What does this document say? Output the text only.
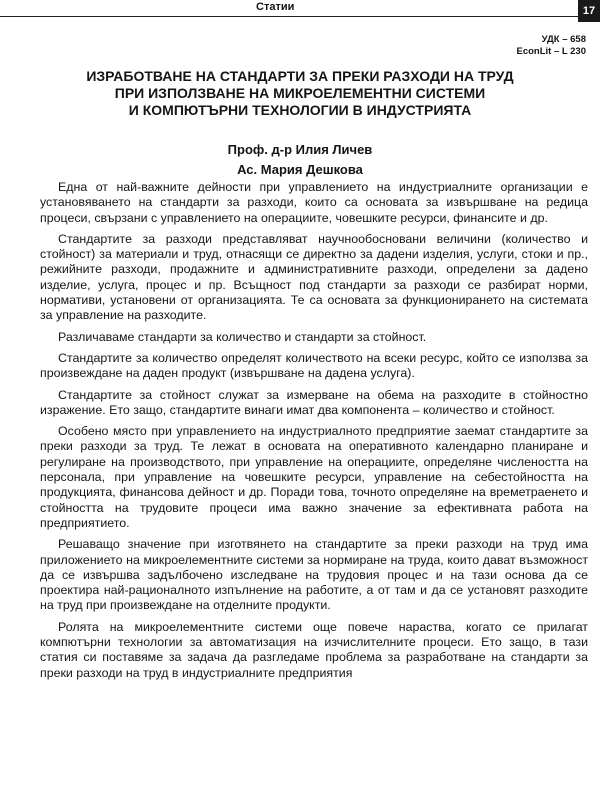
Статии	17
УДК – 658
EconLit – L 230
ИЗРАБОТВАНЕ НА СТАНДАРТИ ЗА ПРЕКИ РАЗХОДИ НА ТРУД
ПРИ ИЗПОЛЗВАНЕ НА МИКРОЕЛЕМЕНТНИ СИСТЕМИ
И КОМПЮТЪРНИ ТЕХНОЛОГИИ В ИНДУСТРИЯТА
Проф. д-р Илия Личев
Ас. Мария Дешкова

Една от най-важните дейности при управлението на индустриалните организации е установяването на стандарти за разходи, които са основата за извършване на редица процеси, свързани с управлението на операциите, човешките ресурси, финансите и др.

Стандартите за разходи представляват научнообосновани величини (количество и стойност) за материали и труд, отнасящи се директно за дадени изделия, услуги, стоки и пр., режийните разходи, продажните и административните разходи, определени за дадено изделие, услуга, процес и пр. Всъщност под стандарти за разходи се разбират норми, нормативи, установени от организацията. Те са основата за функционирането на системата за управление на разходите.

Различаваме стандарти за количество и стандарти за стойност.

Стандартите за количество определят количеството на всеки ресурс, който се използва за произвеждане на даден продукт (извършване на дадена услуга).

Стандартите за стойност служат за измерване на обема на разходите в стойностно изражение. Ето защо, стандартите винаги имат два компонента – количество и стойност.

Особено място при управлението на индустриалното предприятие заемат стандартите за преки разходи за труд. Те лежат в основата на оперативното календарно планиране и регулиране на производството, при управление на операциите, определяне числеността на персонала, при управление на човешките ресурси, управление на себестойността на продукцията, финансова дейност и др. Поради това, точното определяне на времетраенето и стойността на трудовите процеси има важно значение за ефективната работа на предприятието.

Решаващо значение при изготвянето на стандартите за преки разходи на труд има приложението на микроелементните системи за нормиране на труда, които дават възможност да се извършва задълбочено изследване на трудовия процес и на тази основа да се проектира най-рационалното изпълнение на работите, а от там и да се установят разходите на труд при произвеждане на отделните продукти.

Ролята на микроелементните системи още повече нараства, когато се прилагат компютърни технологии за автоматизация на изчислителните процеси. Ето защо, в тази статия си поставяме за задача да разгледаме проблема за разработване на стандарти за преки разходи на труд в индустриалните предприятия
